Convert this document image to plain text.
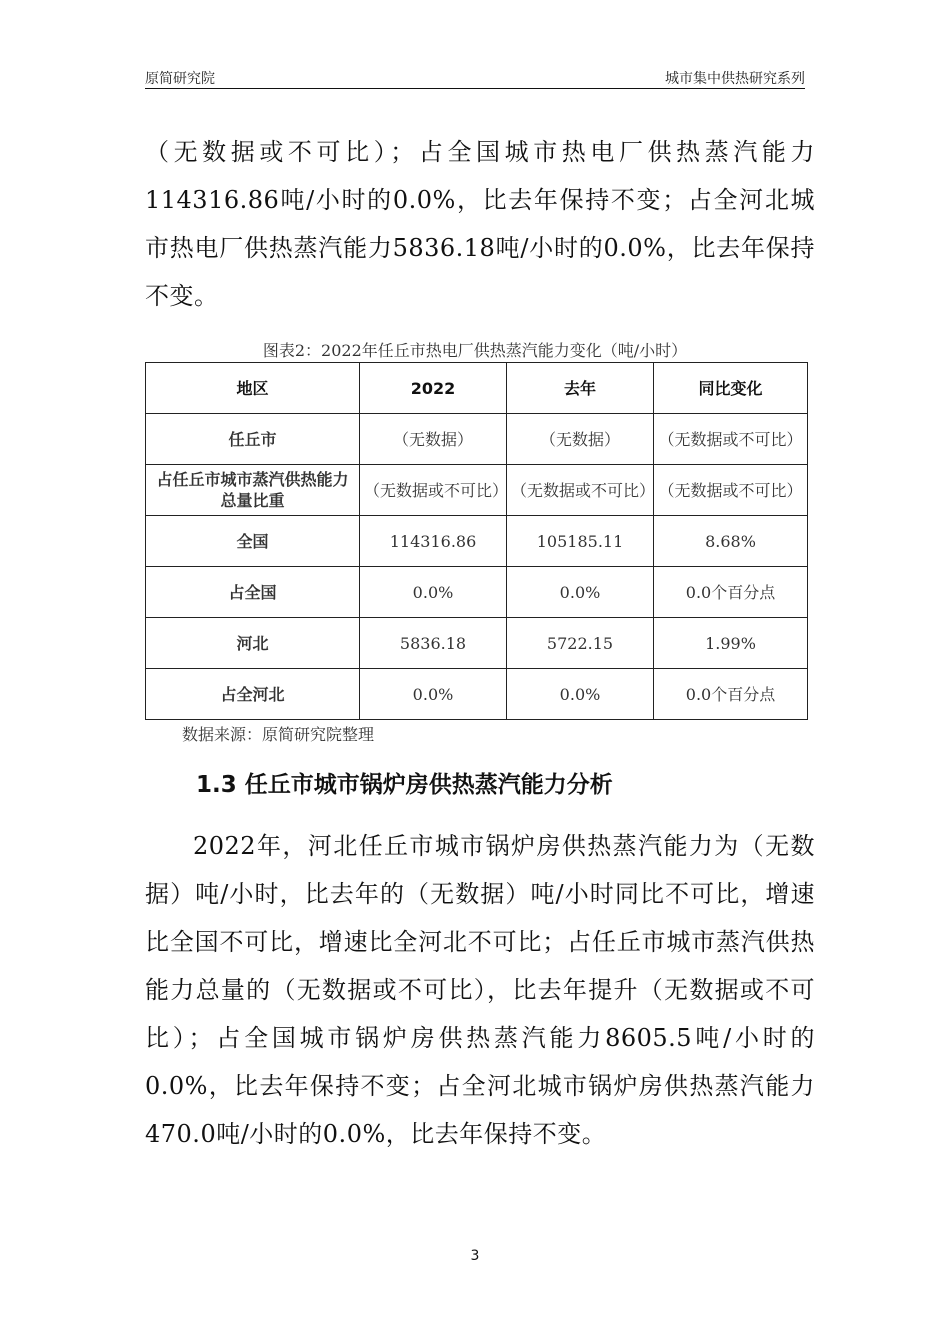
原简研究院	城市集中供热研究系列

（无数据或不可比）；占全国城市热电厂供热蒸汽能力114316.86吨/小时的0.0%，比去年保持不变；占全河北城市热电厂供热蒸汽能力5836.18吨/小时的0.0%，比去年保持不变。

图表2：2022年任丘市热电厂供热蒸汽能力变化（吨/小时）
地区	2022	去年	同比变化
任丘市	（无数据）	（无数据）	（无数据或不可比）
占任丘市城市蒸汽供热能力总量比重	（无数据或不可比）	（无数据或不可比）	（无数据或不可比）
全国	114316.86	105185.11	8.68%
占全国	0.0%	0.0%	0.0个百分点
河北	5836.18	5722.15	1.99%
占全河北	0.0%	0.0%	0.0个百分点
数据来源：原简研究院整理
1.3 任丘市城市锅炉房供热蒸汽能力分析

2022年，河北任丘市城市锅炉房供热蒸汽能力为（无数据）吨/小时，比去年的（无数据）吨/小时同比不可比，增速比全国不可比，增速比全河北不可比；占任丘市城市蒸汽供热能力总量的（无数据或不可比），比去年提升（无数据或不可比）；占全国城市锅炉房供热蒸汽能力8605.5吨/小时的0.0%，比去年保持不变；占全河北城市锅炉房供热蒸汽能力470.0吨/小时的0.0%，比去年保持不变。

3
